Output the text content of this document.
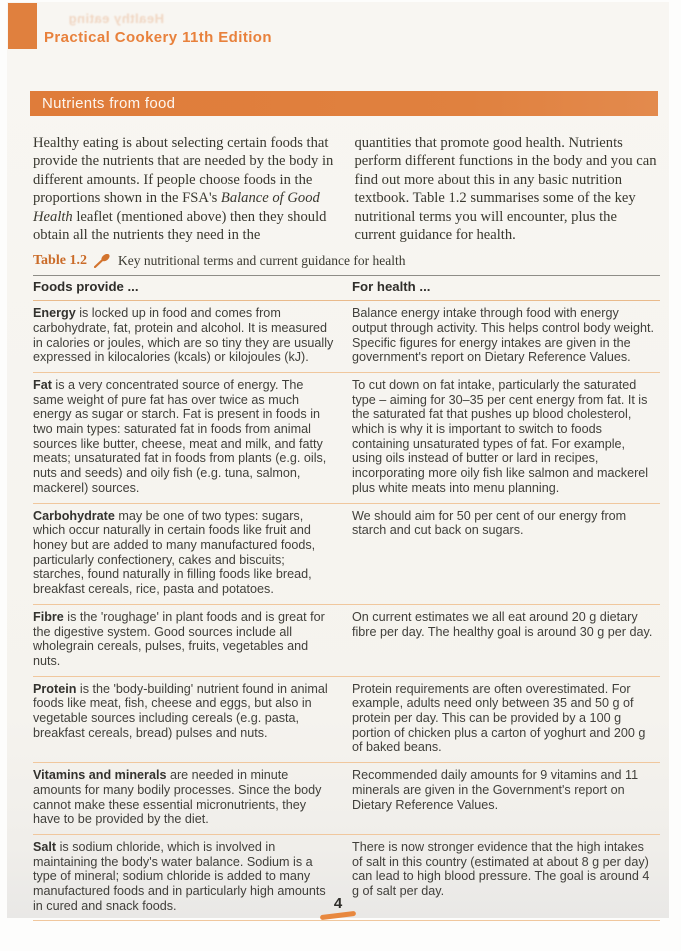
Healthy eating
Practical Cookery 11th Edition
Nutrients from food
Healthy eating is about selecting certain foods that provide the nutrients that are needed by the body in different amounts. If people choose foods in the proportions shown in the FSA's Balance of Good Health leaflet (mentioned above) then they should obtain all the nutrients they need in the
quantities that promote good health. Nutrients perform different functions in the body and you can find out more about this in any basic nutrition textbook. Table 1.2 summarises some of the key nutritional terms you will encounter, plus the current guidance for health.
Table 1.2 Key nutritional terms and current guidance for health
Foods provide ...	For health ...
Energy is locked up in food and comes from carbohydrate, fat, protein and alcohol. It is measured in calories or joules, which are so tiny they are usually expressed in kilocalories (kcals) or kilojoules (kJ).
Balance energy intake through food with energy output through activity. This helps control body weight. Specific figures for energy intakes are given in the government's report on Dietary Reference Values.
Fat is a very concentrated source of energy. The same weight of pure fat has over twice as much energy as sugar or starch. Fat is present in foods in two main types: saturated fat in foods from animal sources like butter, cheese, meat and milk, and fatty meats; unsaturated fat in foods from plants (e.g. oils, nuts and seeds) and oily fish (e.g. tuna, salmon, mackerel) sources.
To cut down on fat intake, particularly the saturated type – aiming for 30–35 per cent energy from fat. It is the saturated fat that pushes up blood cholesterol, which is why it is important to switch to foods containing unsaturated types of fat. For example, using oils instead of butter or lard in recipes, incorporating more oily fish like salmon and mackerel plus white meats into menu planning.
Carbohydrate may be one of two types: sugars, which occur naturally in certain foods like fruit and honey but are added to many manufactured foods, particularly confectionery, cakes and biscuits; starches, found naturally in filling foods like bread, breakfast cereals, rice, pasta and potatoes.
We should aim for 50 per cent of our energy from starch and cut back on sugars.
Fibre is the 'roughage' in plant foods and is great for the digestive system. Good sources include all wholegrain cereals, pulses, fruits, vegetables and nuts.
On current estimates we all eat around 20 g dietary fibre per day. The healthy goal is around 30 g per day.
Protein is the 'body-building' nutrient found in animal foods like meat, fish, cheese and eggs, but also in vegetable sources including cereals (e.g. pasta, breakfast cereals, bread) pulses and nuts.
Protein requirements are often overestimated. For example, adults need only between 35 and 50 g of protein per day. This can be provided by a 100 g portion of chicken plus a carton of yoghurt and 200 g of baked beans.
Vitamins and minerals are needed in minute amounts for many bodily processes. Since the body cannot make these essential micronutrients, they have to be provided by the diet.
Recommended daily amounts for 9 vitamins and 11 minerals are given in the Government's report on Dietary Reference Values.
Salt is sodium chloride, which is involved in maintaining the body's water balance. Sodium is a type of mineral; sodium chloride is added to many manufactured foods and in particularly high amounts in cured and snack foods.
There is now stronger evidence that the high intakes of salt in this country (estimated at about 8 g per day) can lead to high blood pressure. The goal is around 4 g of salt per day.
4
